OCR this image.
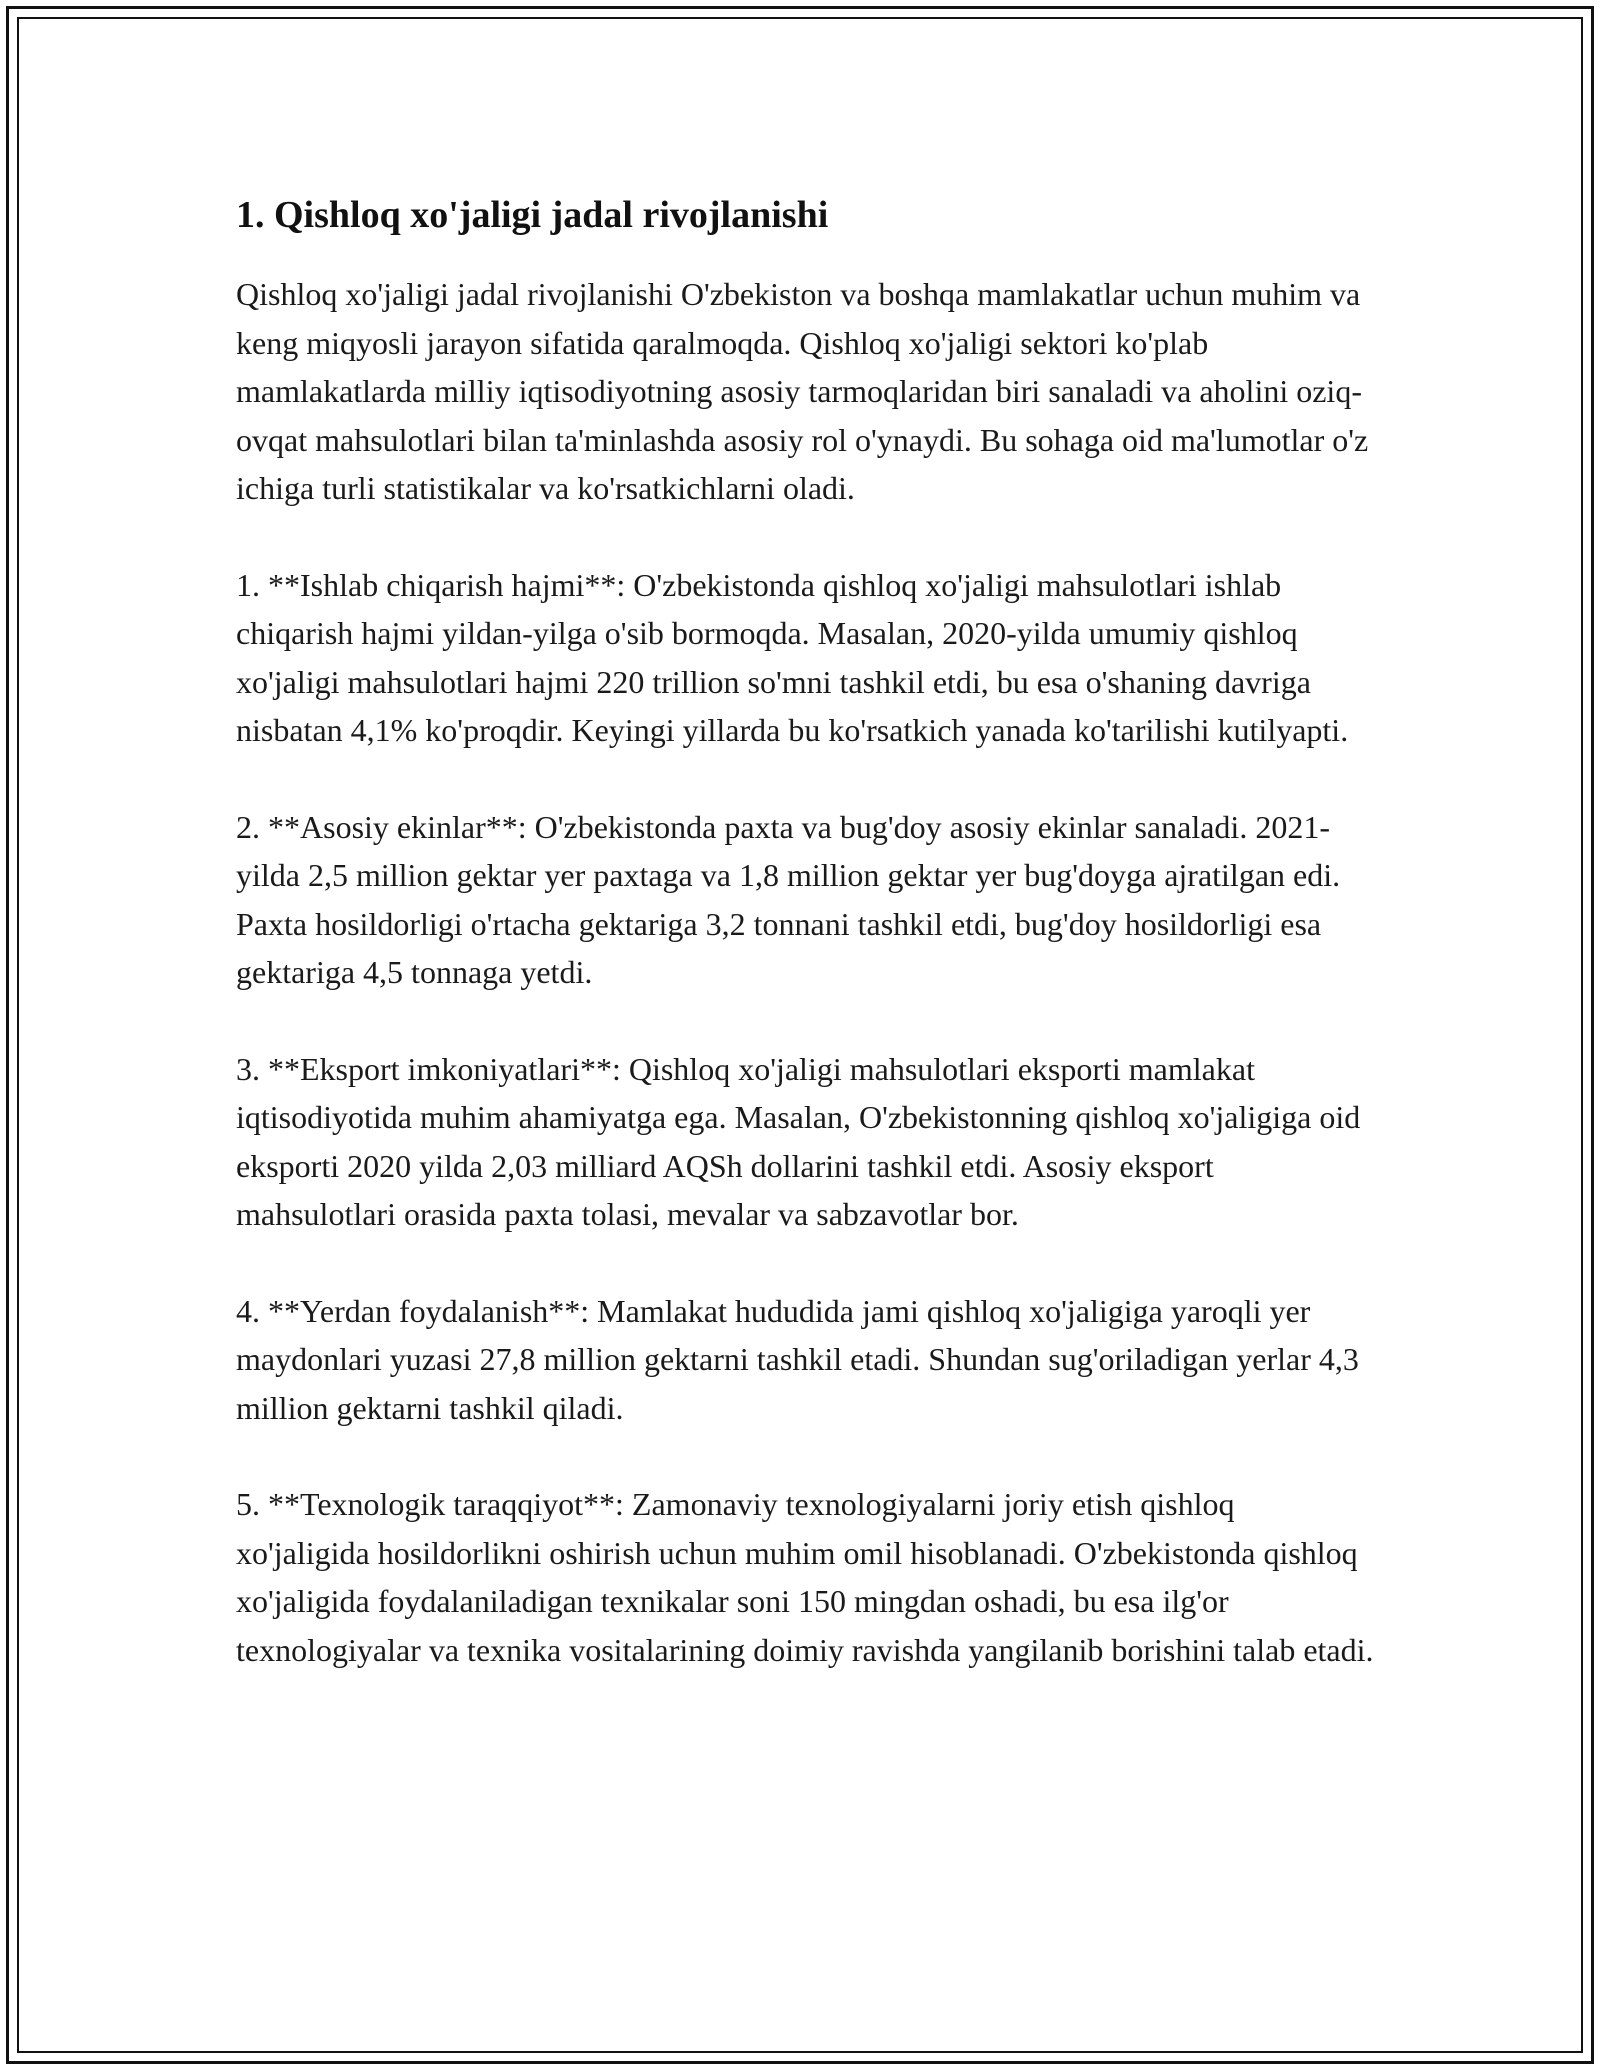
1. Qishloq xo'jaligi jadal rivojlanishi

Qishloq xo'jaligi jadal rivojlanishi O'zbekiston va boshqa mamlakatlar uchun muhim va keng miqyosli jarayon sifatida qaralmoqda. Qishloq xo'jaligi sektori ko'plab mamlakatlarda milliy iqtisodiyotning asosiy tarmoqlaridan biri sanaladi va aholini oziq-ovqat mahsulotlari bilan ta'minlashda asosiy rol o'ynaydi. Bu sohaga oid ma'lumotlar o'z ichiga turli statistikalar va ko'rsatkichlarni oladi.

1. **Ishlab chiqarish hajmi**: O'zbekistonda qishloq xo'jaligi mahsulotlari ishlab chiqarish hajmi yildan-yilga o'sib bormoqda. Masalan, 2020-yilda umumiy qishloq xo'jaligi mahsulotlari hajmi 220 trillion so'mni tashkil etdi, bu esa o'shaning davriga nisbatan 4,1% ko'proqdir. Keyingi yillarda bu ko'rsatkich yanada ko'tarilishi kutilyapti.

2. **Asosiy ekinlar**: O'zbekistonda paxta va bug'doy asosiy ekinlar sanaladi. 2021-yilda 2,5 million gektar yer paxtaga va 1,8 million gektar yer bug'doyga ajratilgan edi. Paxta hosildorligi o'rtacha gektariga 3,2 tonnani tashkil etdi, bug'doy hosildorligi esa gektariga 4,5 tonnaga yetdi.

3. **Eksport imkoniyatlari**: Qishloq xo'jaligi mahsulotlari eksporti mamlakat iqtisodiyotida muhim ahamiyatga ega. Masalan, O'zbekistonning qishloq xo'jaligiga oid eksporti 2020 yilda 2,03 milliard AQSh dollarini tashkil etdi. Asosiy eksport mahsulotlari orasida paxta tolasi, mevalar va sabzavotlar bor.

4. **Yerdan foydalanish**: Mamlakat hududida jami qishloq xo'jaligiga yaroqli yer maydonlari yuzasi 27,8 million gektarni tashkil etadi. Shundan sug'oriladigan yerlar 4,3 million gektarni tashkil qiladi.

5. **Texnologik taraqqiyot**: Zamonaviy texnologiyalarni joriy etish qishloq xo'jaligida hosildorlikni oshirish uchun muhim omil hisoblanadi. O'zbekistonda qishloq xo'jaligida foydalaniladigan texnikalar soni 150 mingdan oshadi, bu esa ilg'or texnologiyalar va texnika vositalarining doimiy ravishda yangilanib borishini talab etadi.
